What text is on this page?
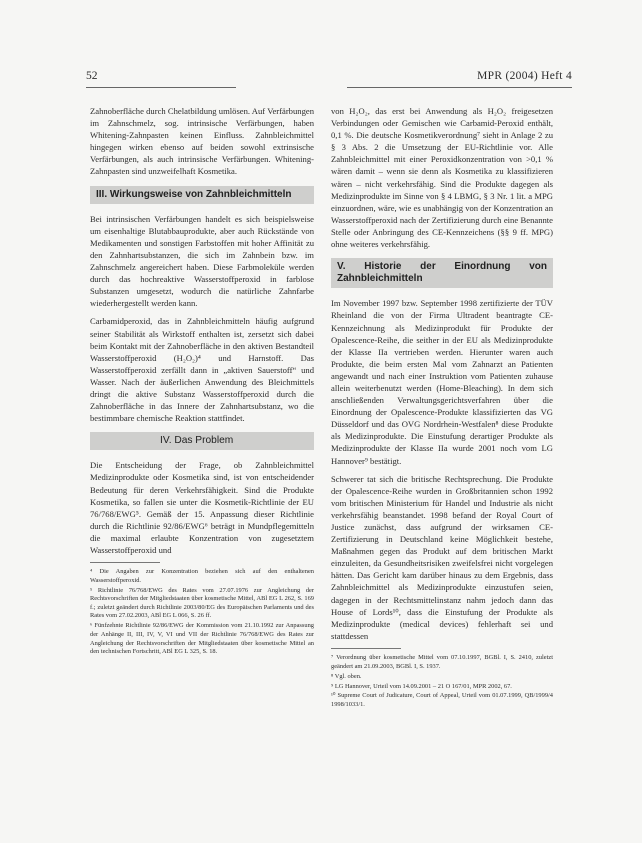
52	MPR (2004) Heft 4

Zahnoberfläche durch Chelatbildung umlösen. Auf Verfärbungen im Zahnschmelz, sog. intrinsische Verfärbungen, haben Whitening-Zahnpasten keinen Einfluss. Zahnbleichmittel hingegen wirken ebenso auf beiden sowohl extrinsische Verfärbungen, als auch intrinsische Verfärbungen. Whitening-Zahnpasten sind unzweifelhaft Kosmetika.

III. Wirkungsweise von Zahnbleichmitteln

Bei intrinsischen Verfärbungen handelt es sich beispielsweise um eisenhaltige Blutabbauprodukte, aber auch Rückstände von Medikamenten und sonstigen Farbstoffen mit hoher Affinität zu den Zahnhartsubstanzen, die sich im Zahnbein bzw. im Zahnschmelz angereichert haben. Diese Farbmoleküle werden durch das hochreaktive Wasserstoffperoxid in farblose Substanzen umgesetzt, wodurch die natürliche Zahnfarbe wiederhergestellt werden kann.

Carbamidperoxid, das in Zahnbleichmitteln häufig aufgrund seiner Stabilität als Wirkstoff enthalten ist, zersetzt sich dabei beim Kontakt mit der Zahnoberfläche in den aktiven Bestandteil Wasserstoffperoxid (H₂O₂)⁴ und Harnstoff. Das Wasserstoffperoxid zerfällt dann in „aktiven Sauerstoff“ und Wasser. Nach der äußerlichen Anwendung des Bleichmittels dringt die aktive Substanz Wasserstoffperoxid durch die Zahnoberfläche in das Innere der Zahnhartsubstanz, wo die bestimmbare chemische Reaktion stattfindet.

IV. Das Problem

Die Entscheidung der Frage, ob Zahnbleichmittel Medizinprodukte oder Kosmetika sind, ist von entscheidender Bedeutung für deren Verkehrsfähigkeit. Sind die Produkte Kosmetika, so fallen sie unter die Kosmetik-Richtlinie der EU 76/768/EWG⁵. Gemäß der 15. Anpassung dieser Richtlinie durch die Richtlinie 92/86/EWG⁶ beträgt in Mundpflegemitteln die maximal erlaubte Konzentration von zugesetztem Wasserstoffperoxid und

⁴ Die Angaben zur Konzentration beziehen sich auf den enthaltenen Wasserstoffperoxid.
⁵ Richtlinie 76/768/EWG des Rates vom 27.07.1976 zur Angleichung der Rechtsvorschriften der Mitgliedstaaten über kosmetische Mittel, ABl EG L 262, S. 169 f.; zuletzt geändert durch Richtlinie 2003/80/EG des Europäischen Parlaments und des Rates vom 27.02.2003, ABl EG L 066, S. 26 ff.
⁶ Fünfzehnte Richtlinie 92/86/EWG der Kommission vom 21.10.1992 zur Anpassung der Anhänge II, III, IV, V, VI und VII der Richtlinie 76/768/EWG des Rates zur Angleichung der Rechtsvorschriften der Mitgliedstaaten über kosmetische Mittel an den technischen Fortschritt, ABl EG L 325, S. 18.

von H₂O₂, das erst bei Anwendung als H₂O₂ freigesetzen Verbindungen oder Gemischen wie Carbamid-Peroxid enthält, 0,1 %. Die deutsche Kosmetikverordnung⁷ sieht in Anlage 2 zu § 3 Abs. 2 die Umsetzung der EU-Richtlinie vor. Alle Zahnbleichmittel mit einer Peroxidkonzentration von >0,1 % wären damit – wenn sie denn als Kosmetika zu klassifizieren wären – nicht verkehrsfähig. Sind die Produkte dagegen als Medizinprodukte im Sinne von § 4 LBMG, § 3 Nr. 1 lit. a MPG einzuordnen, wäre, wie es unabhängig von der Konzentration an Wasserstoffperoxid nach der Zertifizierung durch eine Benannte Stelle oder Anbringung des CE-Kennzeichens (§§ 9 ff. MPG) ohne weiteres verkehrsfähig.

V. Historie der Einordnung von Zahnbleichmitteln

Im November 1997 bzw. September 1998 zertifizierte der TÜV Rheinland die von der Firma Ultradent beantragte CE-Kennzeichnung als Medizinprodukt für Produkte der Opalescence-Reihe, die seither in der EU als Medizinprodukte der Klasse IIa vertrieben werden. Hierunter waren auch Produkte, die beim ersten Mal vom Zahnarzt an Patienten angewandt und nach einer Instruktion vom Patienten zuhause allein weiterbenutzt werden (Home-Bleaching). In dem sich anschließenden Verwaltungsgerichtsverfahren über die Einordnung der Opalescence-Produkte klassifizierten das VG Düsseldorf und das OVG Nordrhein-Westfalen⁸ diese Produkte als Medizinprodukte. Die Einstufung derartiger Produkte als Medizinprodukte der Klasse IIa wurde 2001 noch vom LG Hannover⁹ bestätigt.

Schwerer tat sich die britische Rechtsprechung. Die Produkte der Opalescence-Reihe wurden in Großbritannien schon 1992 vom britischen Ministerium für Handel und Industrie als nicht verkehrsfähig beanstandet. 1998 befand der Royal Court of Justice zunächst, dass aufgrund der wirksamen CE-Zertifizierung in Deutschland keine Möglichkeit bestehe, Maßnahmen gegen das Produkt auf dem britischen Markt einzuleiten, da Gesundheitsrisiken zweifelsfrei nicht vorgelegen hätten. Das Gericht kam darüber hinaus zu dem Ergebnis, dass Zahnbleichmittel als Medizinprodukte einzustufen seien, dagegen in der Rechtsmittelinstanz nahm jedoch dann das House of Lords¹⁰, dass die Einstufung der Produkte als Medizinprodukte (medical devices) fehlerhaft sei und stattdessen

⁷ Verordnung über kosmetische Mittel vom 07.10.1997, BGBl. I, S. 2410, zuletzt geändert am 21.09.2003, BGBl. I, S. 1937.
⁸ Vgl. oben.
⁹ LG Hannover, Urteil vom 14.09.2001 – 21 O 167/01, MPR 2002, 67.
¹⁰ Supreme Court of Judicature, Court of Appeal, Urteil vom 01.07.1999, QB/1999/4 1998/1033/1.
